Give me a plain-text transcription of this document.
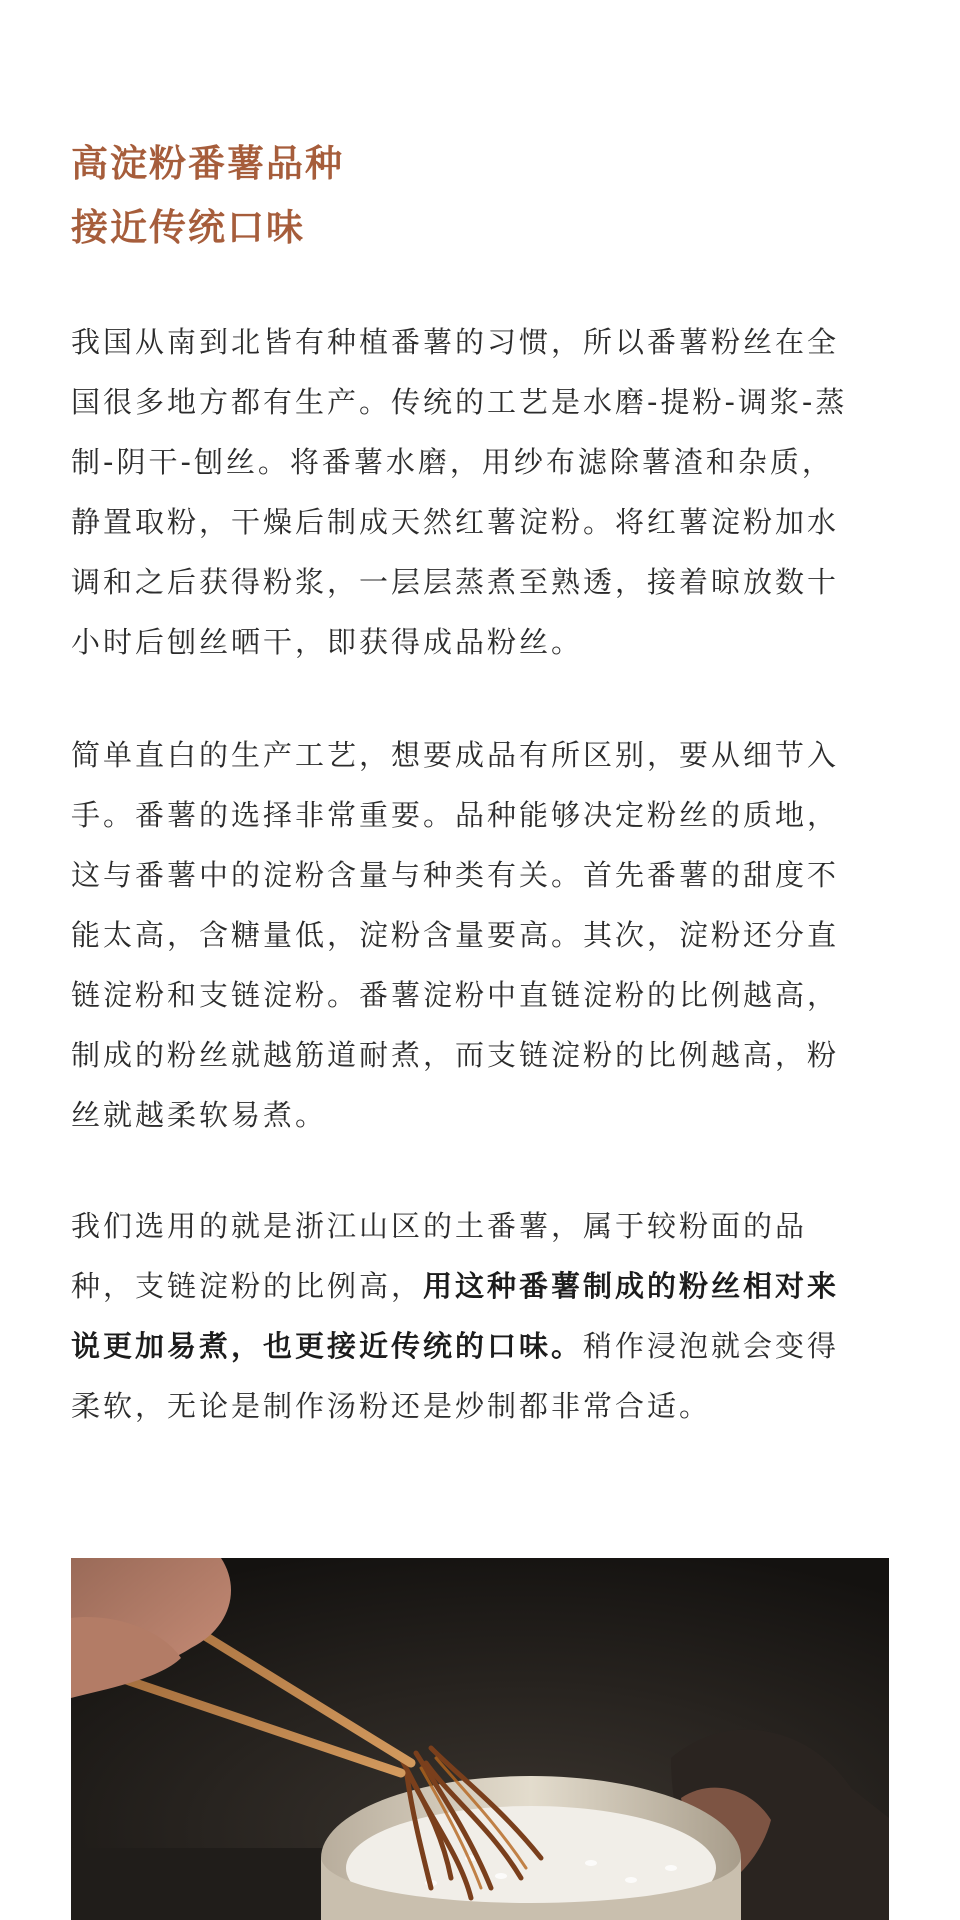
高淀粉番薯品种
接近传统口味
我国从南到北皆有种植番薯的习惯，所以番薯粉丝在全
国很多地方都有生产。传统的工艺是水磨-提粉-调浆-蒸
制-阴干-刨丝。将番薯水磨，用纱布滤除薯渣和杂质，
静置取粉，干燥后制成天然红薯淀粉。将红薯淀粉加水
调和之后获得粉浆，一层层蒸煮至熟透，接着晾放数十
小时后刨丝晒干，即获得成品粉丝。
简单直白的生产工艺，想要成品有所区别，要从细节入
手。番薯的选择非常重要。品种能够决定粉丝的质地，
这与番薯中的淀粉含量与种类有关。首先番薯的甜度不
能太高，含糖量低，淀粉含量要高。其次，淀粉还分直
链淀粉和支链淀粉。番薯淀粉中直链淀粉的比例越高，
制成的粉丝就越筋道耐煮，而支链淀粉的比例越高，粉
丝就越柔软易煮。
我们选用的就是浙江山区的土番薯，属于较粉面的品
种，支链淀粉的比例高，用这种番薯制成的粉丝相对来
说更加易煮，也更接近传统的口味。稍作浸泡就会变得
柔软，无论是制作汤粉还是炒制都非常合适。
